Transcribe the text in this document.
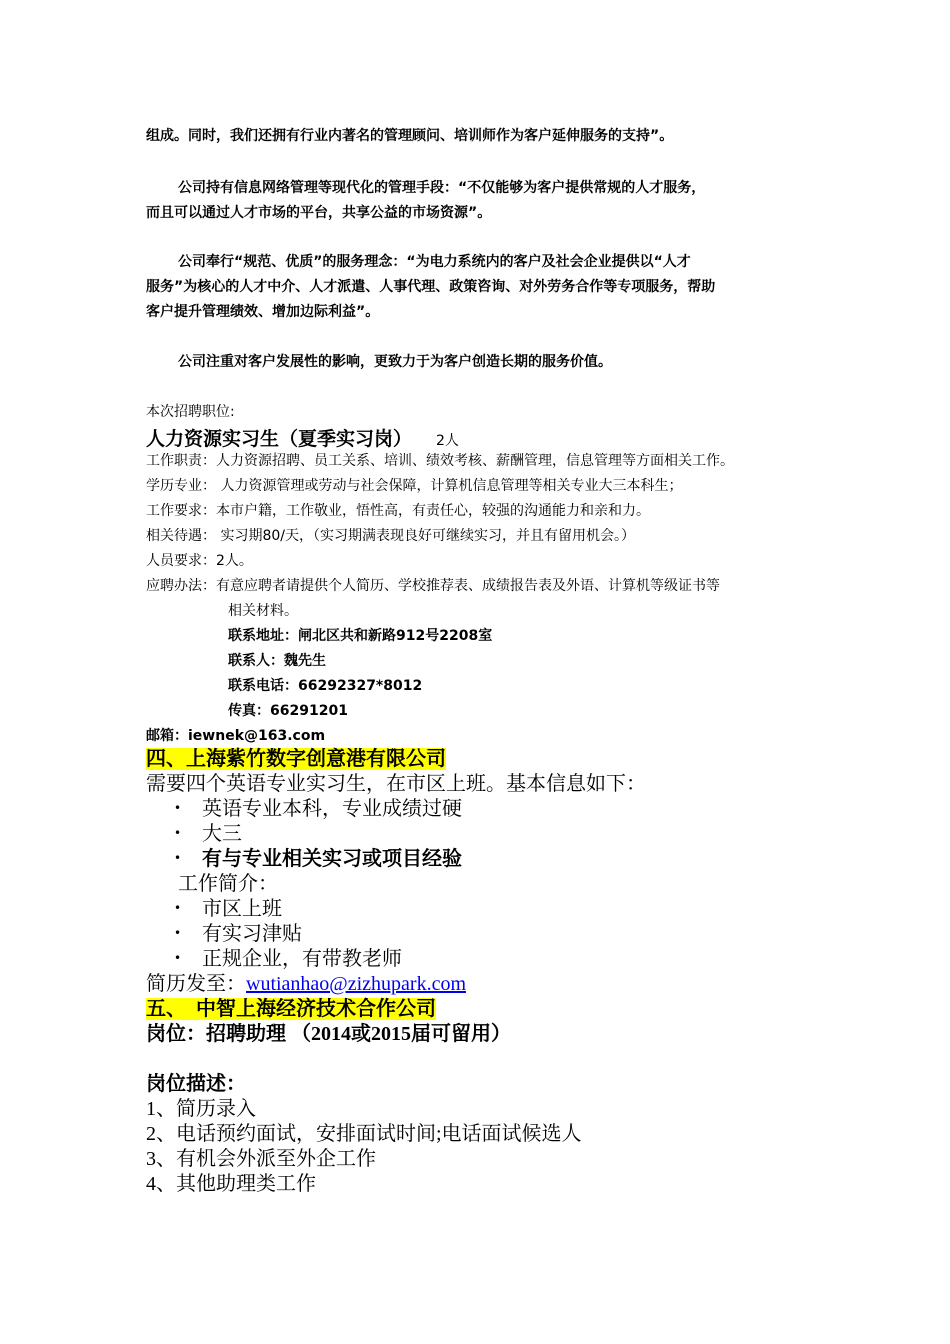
组成。同时，我们还拥有行业内著名的管理顾问、培训师作为客户延伸服务的支持”。
公司持有信息网络管理等现代化的管理手段：“不仅能够为客户提供常规的人才服务，
而且可以通过人才市场的平台，共享公益的市场资源”。
公司奉行“规范、优质”的服务理念：“为电力系统内的客户及社会企业提供以“人才
服务”为核心的人才中介、人才派遣、人事代理、政策咨询、对外劳务合作等专项服务，帮助
客户提升管理绩效、增加边际利益”。
公司注重对客户发展性的影响，更致力于为客户创造长期的服务价值。
本次招聘职位:
人力资源实习生（夏季实习岗） 2人
工作职责：人力资源招聘、员工关系、培训、绩效考核、薪酬管理，信息管理等方面相关工作。
学历专业： 人力资源管理或劳动与社会保障，计算机信息管理等相关专业大三本科生；
工作要求：本市户籍，工作敬业，悟性高，有责任心，较强的沟通能力和亲和力。
相关待遇： 实习期80/天，（实习期满表现良好可继续实习，并且有留用机会。）
人员要求：2人。
应聘办法：有意应聘者请提供个人简历、学校推荐表、成绩报告表及外语、计算机等级证书等
相关材料。
联系地址：闸北区共和新路912号2208室
联系人：魏先生
联系电话：66292327*8012
传真：66291201
邮箱：iewnek@163.com
四、上海紫竹数字创意港有限公司
需要四个英语专业实习生，在市区上班。基本信息如下：
• 英语专业本科，专业成绩过硬
• 大三
• 有与专业相关实习或项目经验
工作简介：
• 市区上班
• 有实习津贴
• 正规企业，有带教老师
简历发至：wutianhao@zizhupark.com
五、　中智上海经济技术合作公司
岗位：招聘助理 （2014或2015届可留用）
岗位描述：
1、简历录入
2、电话预约面试，安排面试时间;电话面试候选人
3、有机会外派至外企工作
4、其他助理类工作
